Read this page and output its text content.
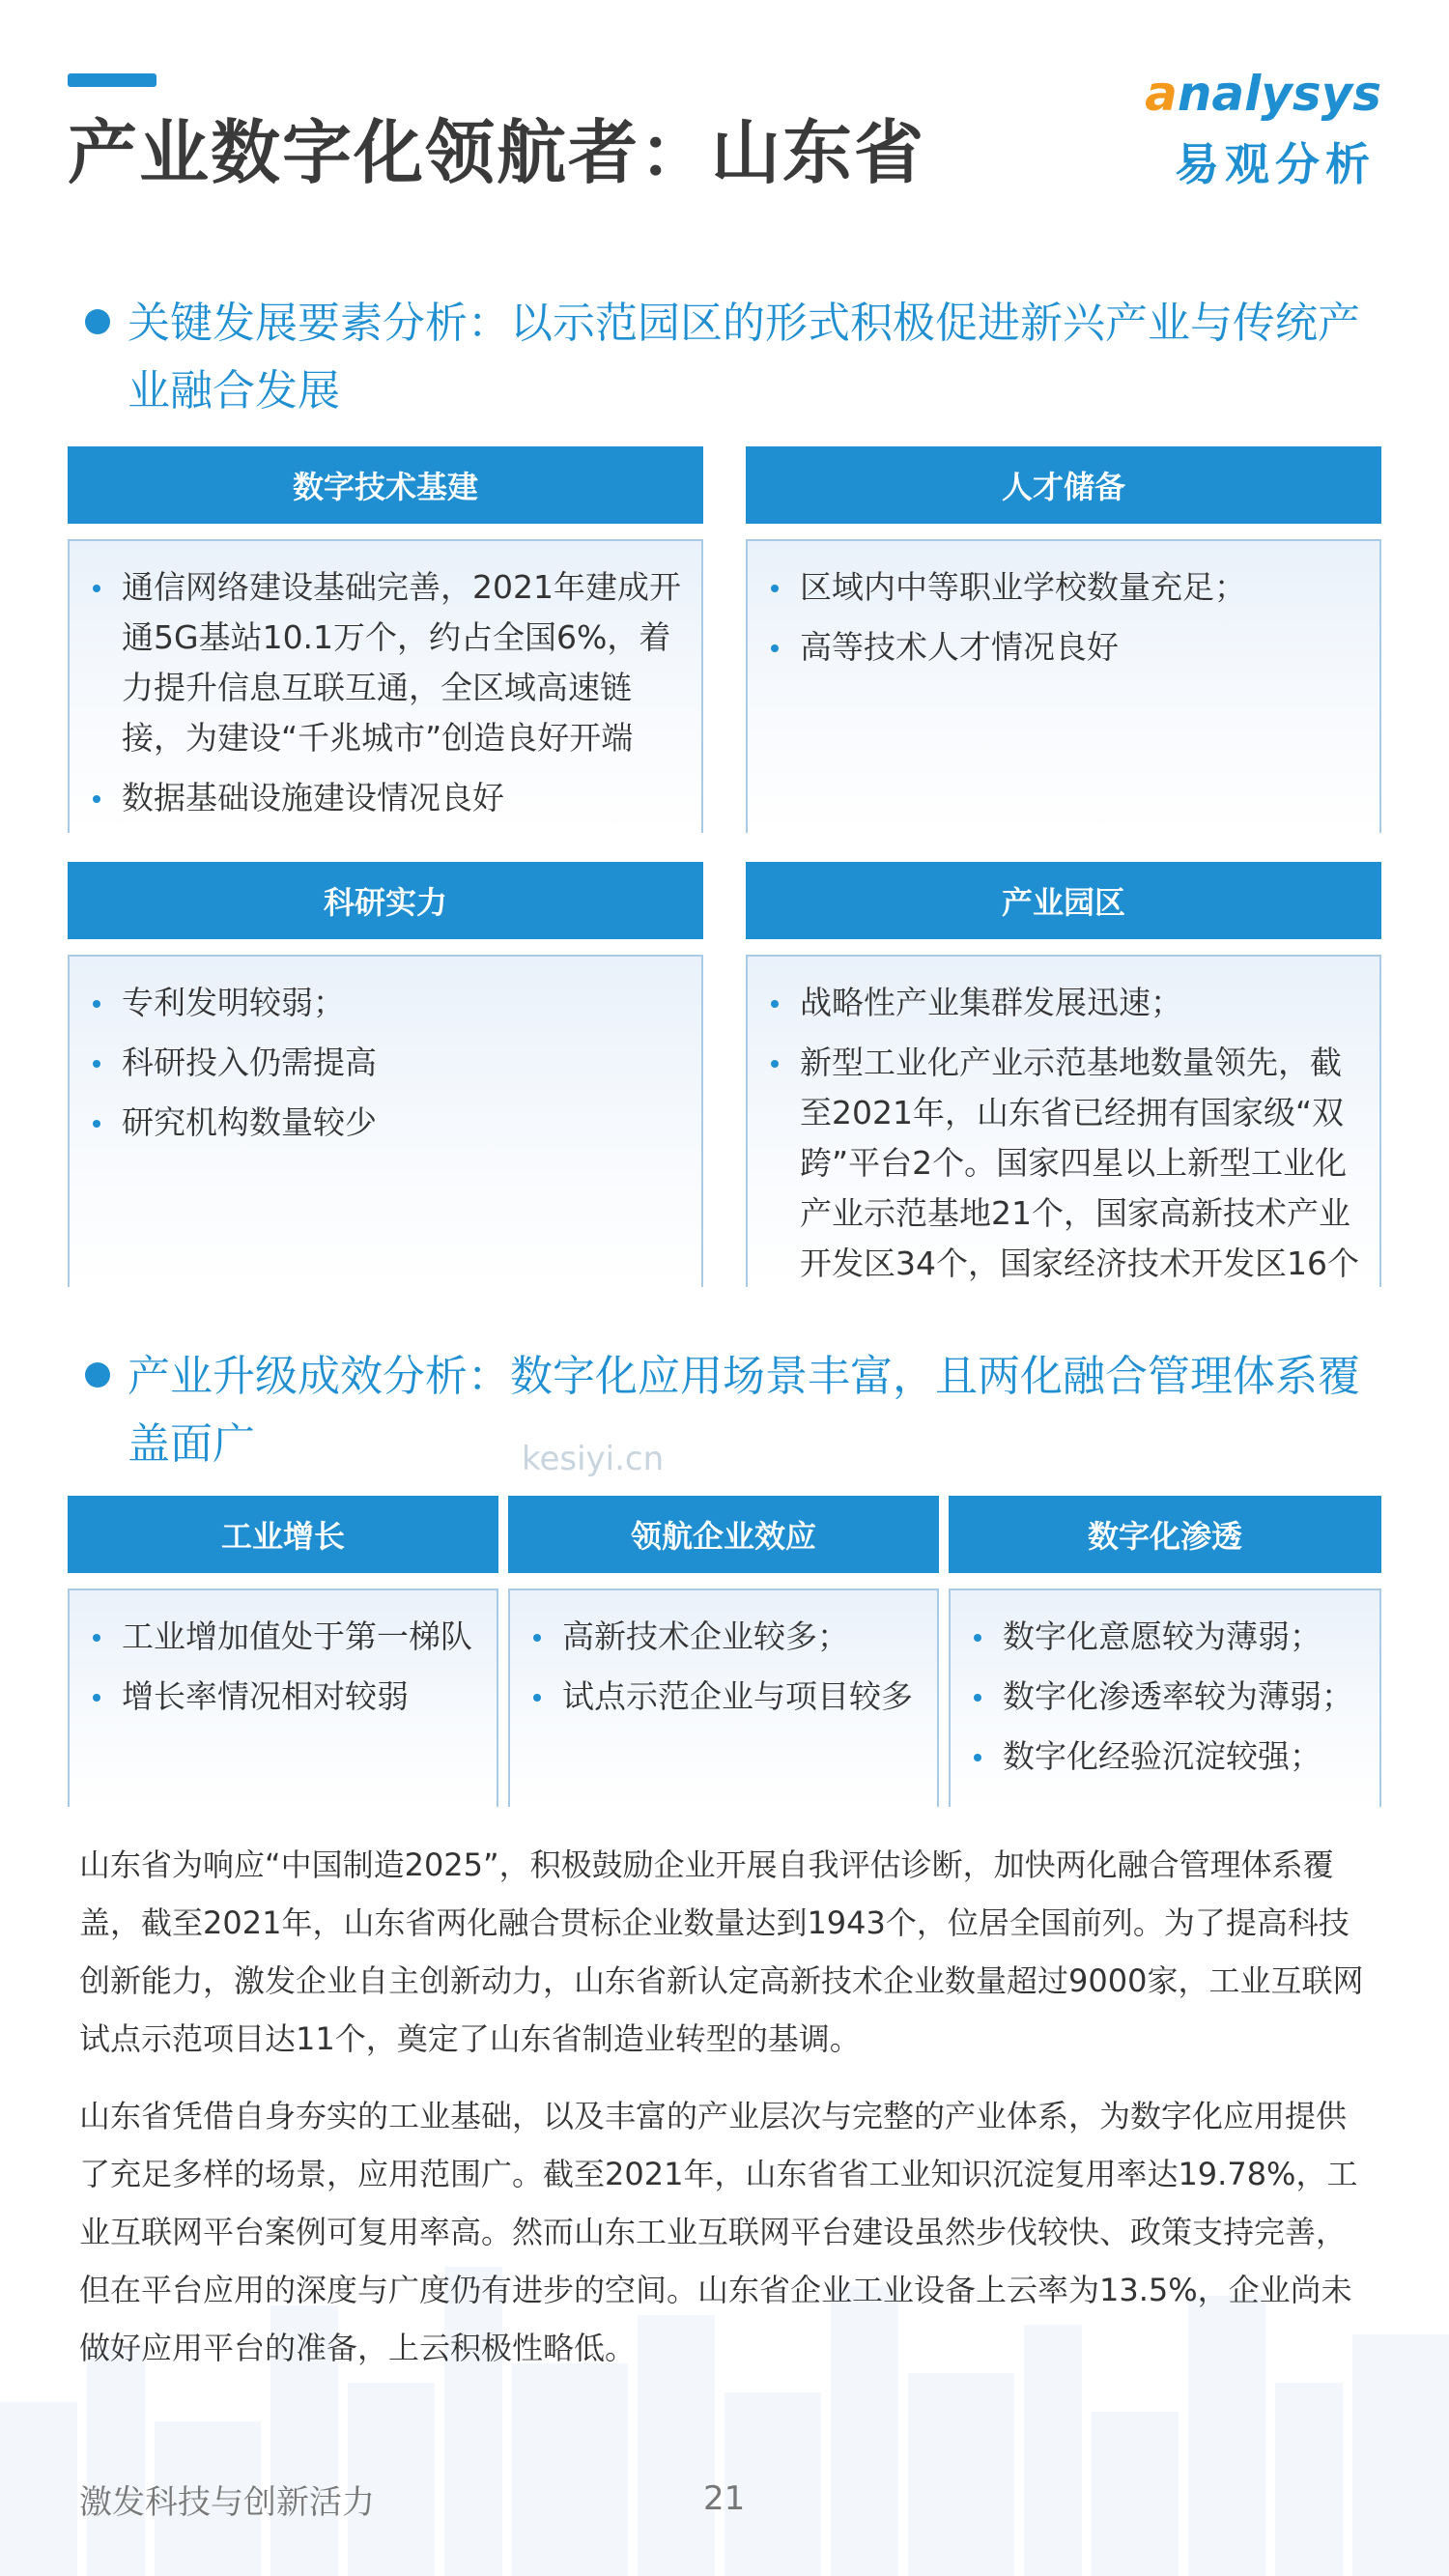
产业数字化领航者：山东省
analysys
易观分析
关键发展要素分析：以示范园区的形式积极促进新兴产业与传统产业融合发展
数字技术基建
通信网络建设基础完善，2021年建成开通5G基站10.1万个，约占全国6%，着力提升信息互联互通，全区域高速链接，为建设“千兆城市”创造良好开端
数据基础设施建设情况良好
人才储备
区域内中等职业学校数量充足；
高等技术人才情况良好
科研实力
专利发明较弱；
科研投入仍需提高
研究机构数量较少
产业园区
战略性产业集群发展迅速；
新型工业化产业示范基地数量领先，截至2021年，山东省已经拥有国家级“双跨”平台2个。国家四星以上新型工业化产业示范基地21个，国家高新技术产业开发区34个，国家经济技术开发区16个
产业升级成效分析：数字化应用场景丰富，且两化融合管理体系覆盖面广	kesiyi.cn
工业增长
工业增加值处于第一梯队
增长率情况相对较弱
领航企业效应
高新技术企业较多；
试点示范企业与项目较多
数字化渗透
数字化意愿较为薄弱；
数字化渗透率较为薄弱；
数字化经验沉淀较强；

山东省为响应“中国制造2025”，积极鼓励企业开展自我评估诊断，加快两化融合管理体系覆盖，截至2021年，山东省两化融合贯标企业数量达到1943个，位居全国前列。为了提高科技创新能力，激发企业自主创新动力，山东省新认定高新技术企业数量超过9000家，工业互联网试点示范项目达11个，奠定了山东省制造业转型的基调。

山东省凭借自身夯实的工业基础，以及丰富的产业层次与完整的产业体系，为数字化应用提供了充足多样的场景，应用范围广。截至2021年，山东省省工业知识沉淀复用率达19.78%，工业互联网平台案例可复用率高。然而山东工业互联网平台建设虽然步伐较快、政策支持完善，但在平台应用的深度与广度仍有进步的空间。山东省企业工业设备上云率为13.5%，企业尚未做好应用平台的准备，上云积极性略低。

激发科技与创新活力	21
